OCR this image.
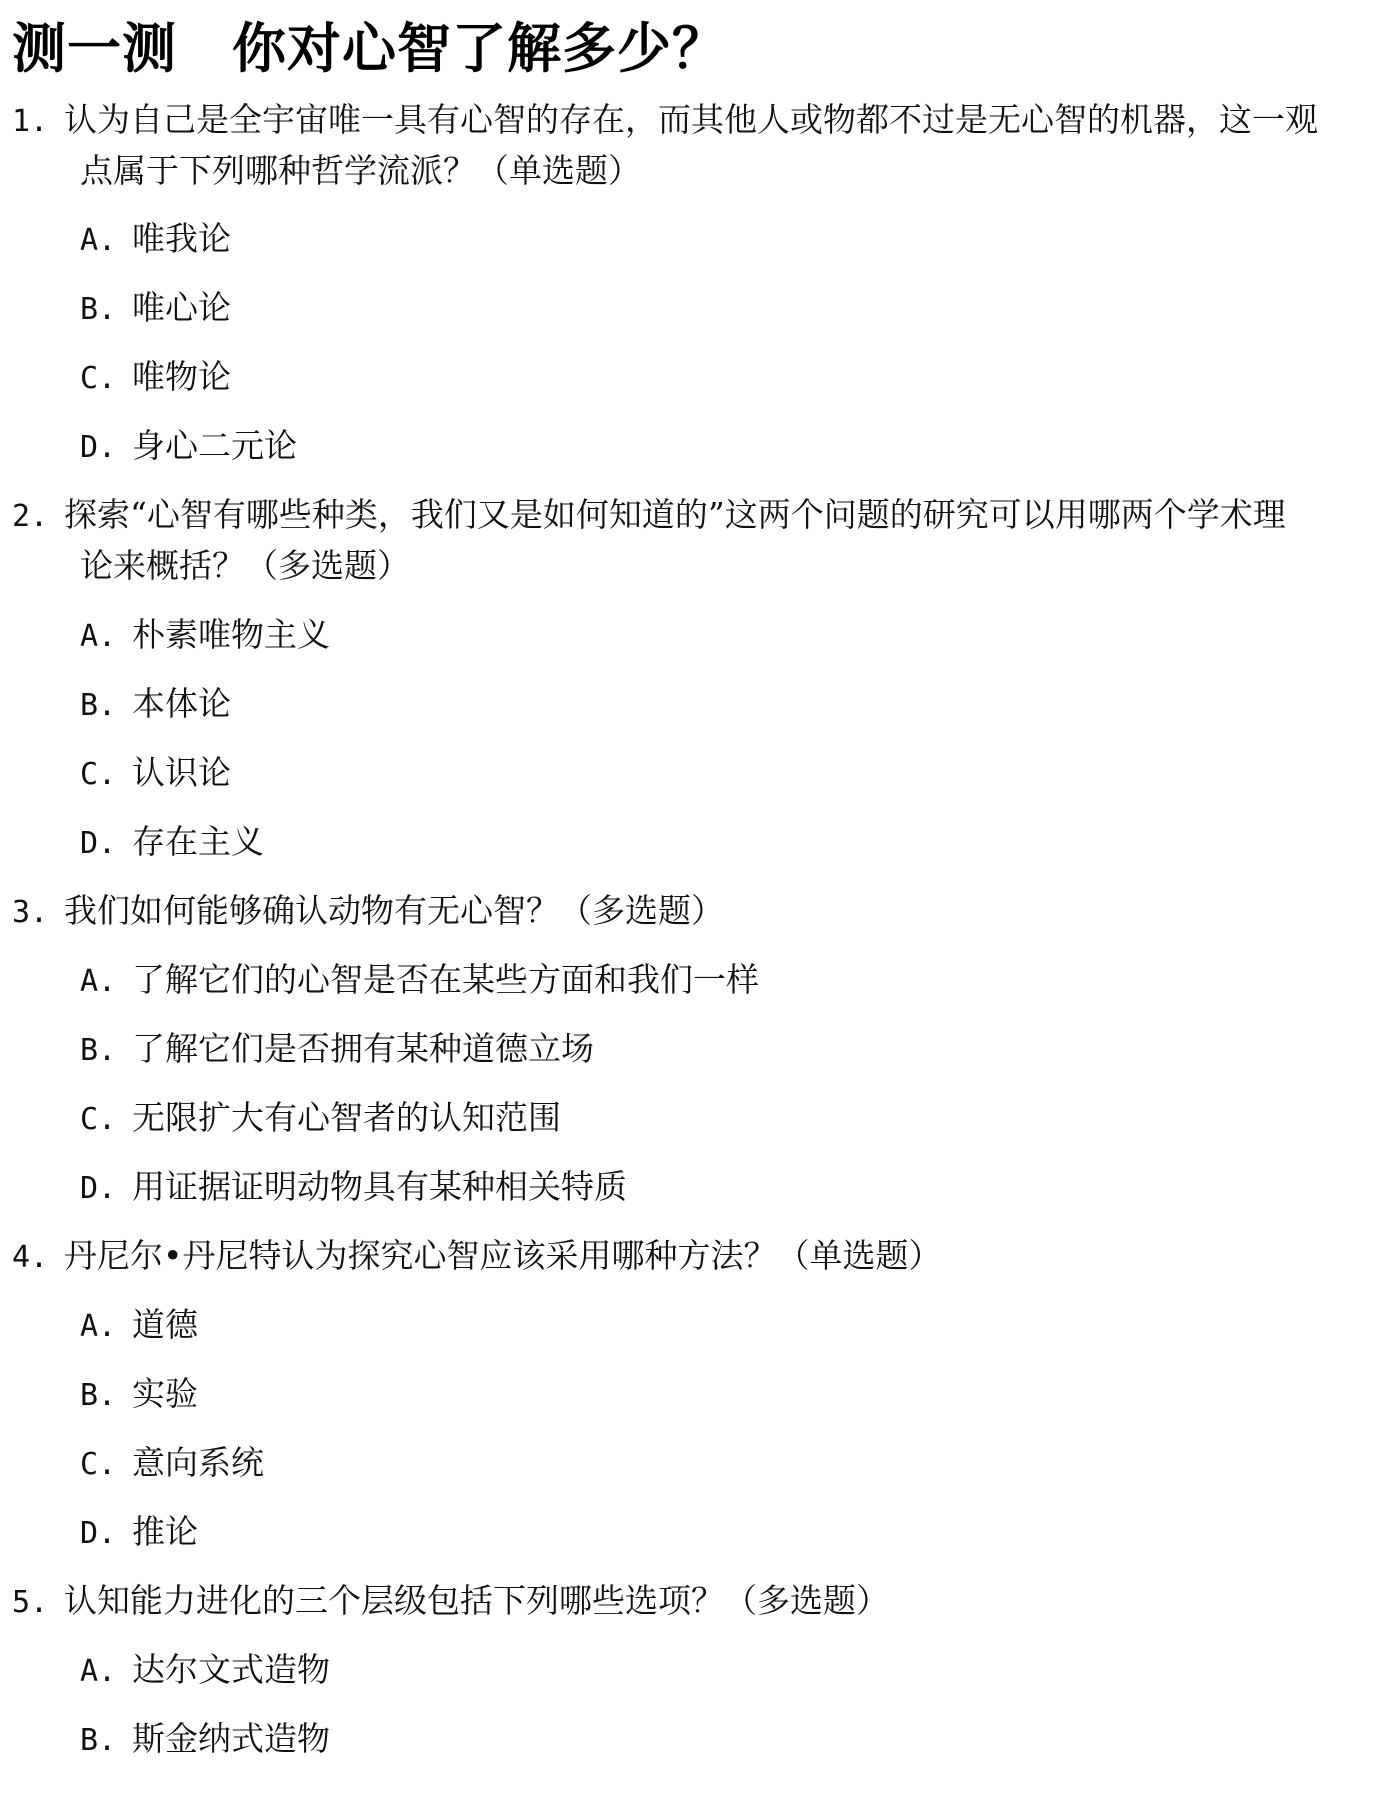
测一测　你对心智了解多少？
1. 认为自己是全宇宙唯一具有心智的存在，而其他人或物都不过是无心智的机器，这一观
点属于下列哪种哲学流派？（单选题）
A. 唯我论
B. 唯心论
C. 唯物论
D. 身心二元论
2. 探索“心智有哪些种类，我们又是如何知道的”这两个问题的研究可以用哪两个学术理
论来概括？（多选题）
A. 朴素唯物主义
B. 本体论
C. 认识论
D. 存在主义
3. 我们如何能够确认动物有无心智？（多选题）
A. 了解它们的心智是否在某些方面和我们一样
B. 了解它们是否拥有某种道德立场
C. 无限扩大有心智者的认知范围
D. 用证据证明动物具有某种相关特质
4. 丹尼尔•丹尼特认为探究心智应该采用哪种方法？（单选题）
A. 道德
B. 实验
C. 意向系统
D. 推论
5. 认知能力进化的三个层级包括下列哪些选项？（多选题）
A. 达尔文式造物
B. 斯金纳式造物
